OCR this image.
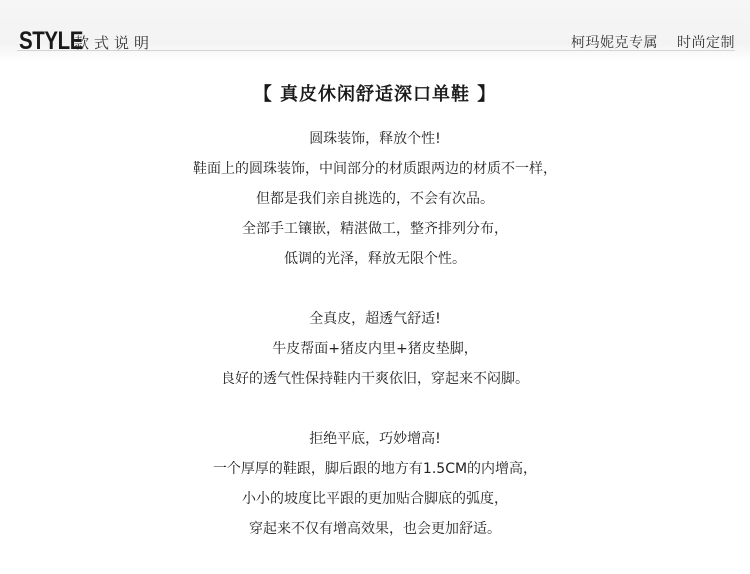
STYLE
款式说明	柯玛妮克专属 时尚定制
【 真皮休闲舒适深口单鞋 】
圆珠装饰，释放个性!
鞋面上的圆珠装饰，中间部分的材质跟两边的材质不一样，
但都是我们亲自挑选的，不会有次品。
全部手工镶嵌，精湛做工，整齐排列分布，
低调的光泽，释放无限个性。
全真皮，超透气舒适!
牛皮帮面+猪皮内里+猪皮垫脚，
良好的透气性保持鞋内干爽依旧，穿起来不闷脚。
拒绝平底，巧妙增高!
一个厚厚的鞋跟，脚后跟的地方有1.5CM的内增高，
小小的坡度比平跟的更加贴合脚底的弧度，
穿起来不仅有增高效果，也会更加舒适。
